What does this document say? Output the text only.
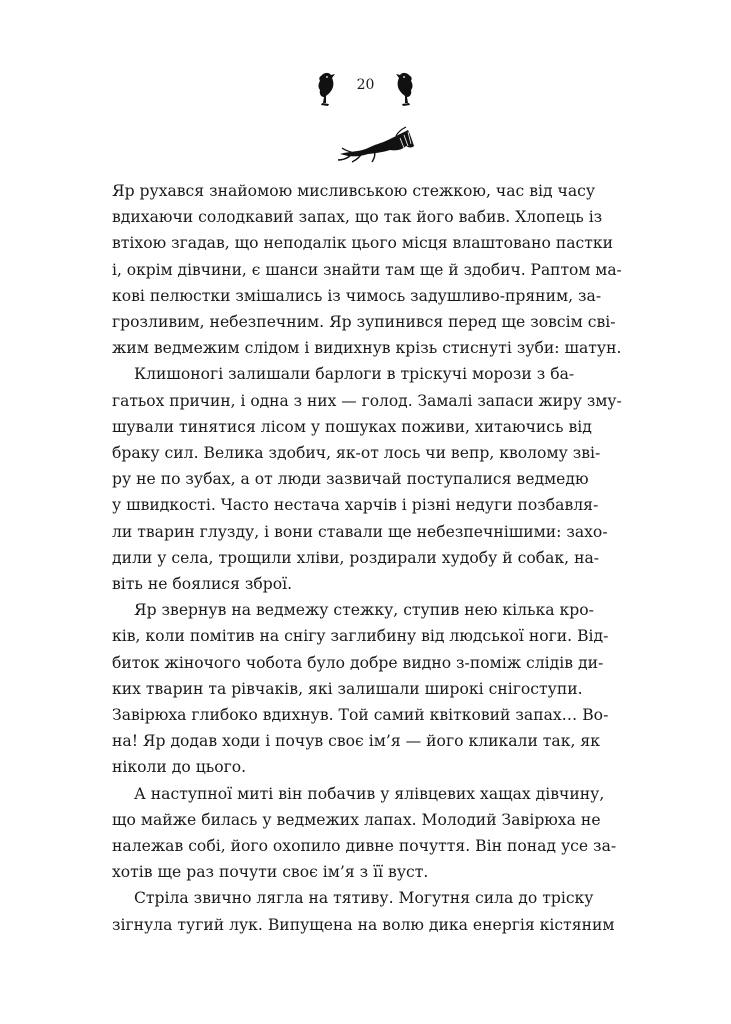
20

Яр рухався знайомою мисливською стежкою, час від часу
вдихаючи солодкавий запах, що так його вабив. Хлопець із
втіхою згадав, що неподалік цього місця влаштовано пастки
і, окрім дівчини, є шанси знайти там ще й здобич. Раптом ма-
кові пелюстки змішались із чимось задушливо-пряним, за-
грозливим, небезпечним. Яр зупинився перед ще зовсім сві-
жим ведмежим слідом і видихнув крізь стиснуті зуби: шатун.

Клишоногі залишали барлоги в тріскучі морози з ба-
гатьох причин, і одна з них — голод. Замалі запаси жиру зму-
шували тинятися лісом у пошуках поживи, хитаючись від
браку сил. Велика здобич, як-от лось чи вепр, кволому зві-
ру не по зубах, а от люди зазвичай поступалися ведмедю
у швидкості. Часто нестача харчів і різні недуги позбавля-
ли тварин глузду, і вони ставали ще небезпечнішими: захо-
дили у села, трощили хліви, роздирали худобу й собак, на-
віть не боялися зброї.

Яр звернув на ведмежу стежку, ступив нею кілька кро-
ків, коли помітив на снігу заглибину від людської ноги. Від-
биток жіночого чобота було добре видно з-поміж слідів ди-
ких тварин та рівчаків, які залишали широкі снігоступи.
Завірюха глибоко вдихнув. Той самий квітковий запах… Во-
на! Яр додав ходи і почув своє ім’я — його кликали так, як
ніколи до цього.

А наступної миті він побачив у ялівцевих хащах дівчину,
що майже билась у ведмежих лапах. Молодий Завірюха не
належав собі, його охопило дивне почуття. Він понад усе за-
хотів ще раз почути своє ім’я з її вуст.

Стріла звично лягла на тятиву. Могутня сила до тріску
зігнула тугий лук. Випущена на волю дика енергія кістяним
